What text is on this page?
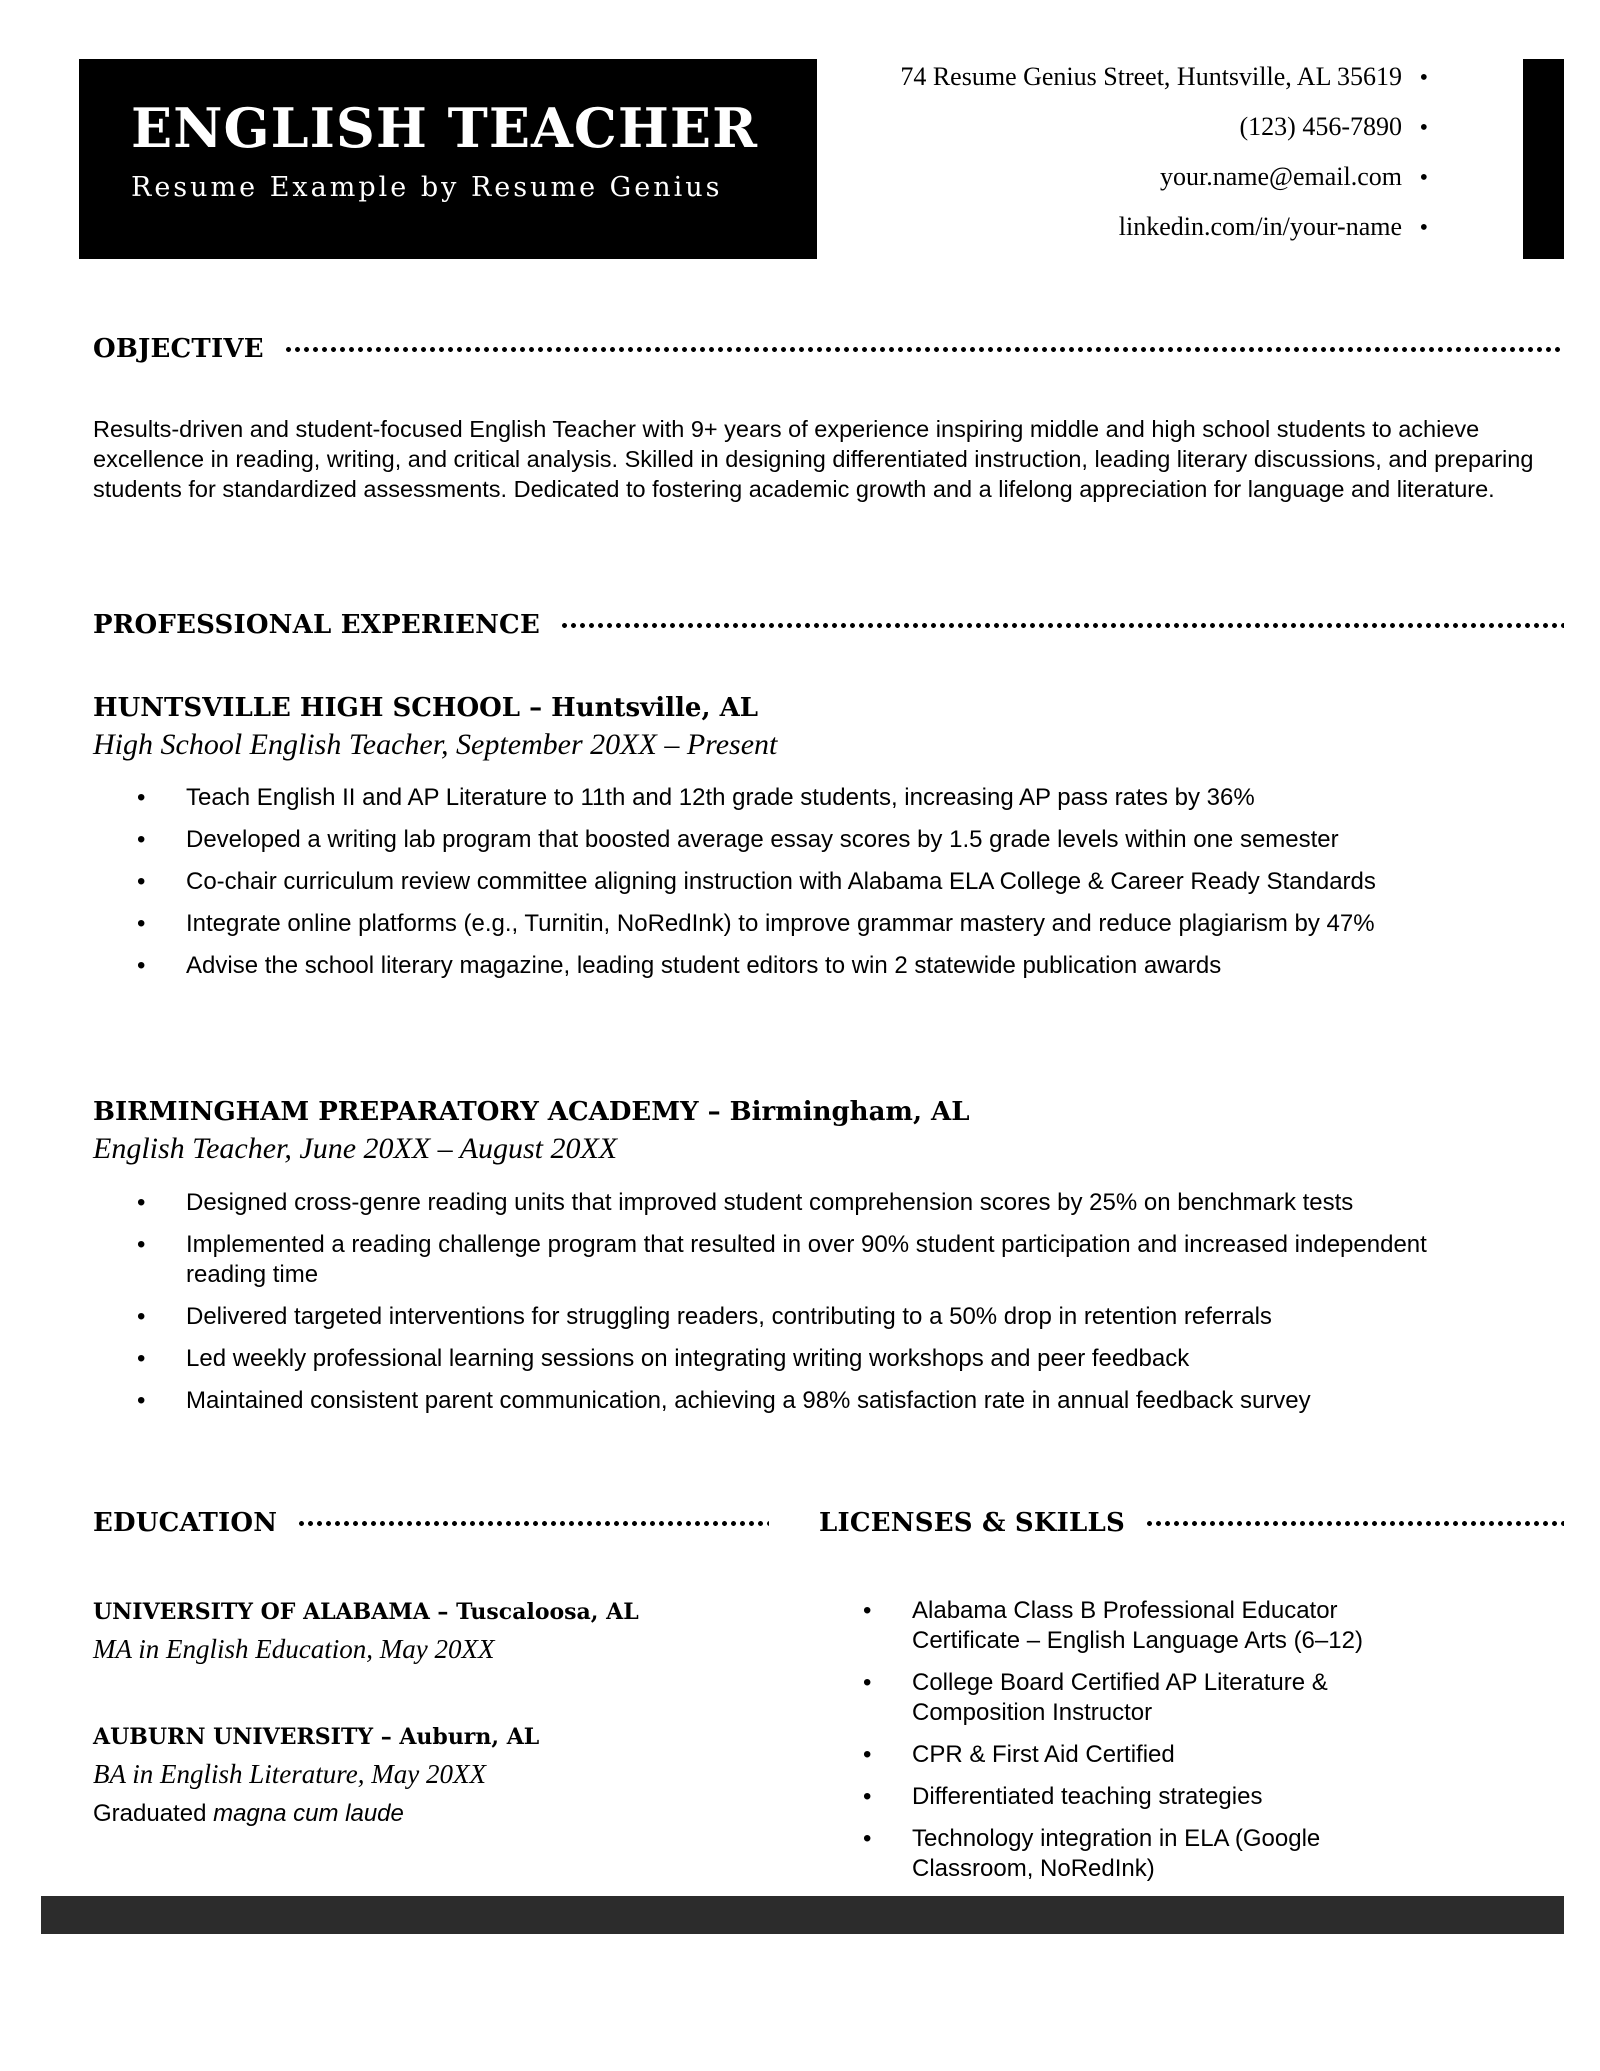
ENGLISH TEACHER

Resume Example by Resume Genius

74 Resume Genius Street, Huntsville, AL 35619 •
(123) 456-7890 •
your.name@email.com •
linkedin.com/in/your-name •
OBJECTIVE

Results-driven and student-focused English Teacher with 9+ years of experience inspiring middle and high school students to achieve excellence in reading, writing, and critical analysis. Skilled in designing differentiated instruction, leading literary discussions, and preparing students for standardized assessments. Dedicated to fostering academic growth and a lifelong appreciation for language and literature.

PROFESSIONAL EXPERIENCE

HUNTSVILLE HIGH SCHOOL – Huntsville, AL

High School English Teacher, September 20XX – Present

• Teach English II and AP Literature to 11th and 12th grade students, increasing AP pass rates by 36%
• Developed a writing lab program that boosted average essay scores by 1.5 grade levels within one semester
• Co-chair curriculum review committee aligning instruction with Alabama ELA College & Career Ready Standards
• Integrate online platforms (e.g., Turnitin, NoRedInk) to improve grammar mastery and reduce plagiarism by 47%
• Advise the school literary magazine, leading student editors to win 2 statewide publication awards

BIRMINGHAM PREPARATORY ACADEMY – Birmingham, AL

English Teacher, June 20XX – August 20XX

• Designed cross-genre reading units that improved student comprehension scores by 25% on benchmark tests
• Implemented a reading challenge program that resulted in over 90% student participation and increased independent reading time
• Delivered targeted interventions for struggling readers, contributing to a 50% drop in retention referrals
• Led weekly professional learning sessions on integrating writing workshops and peer feedback
• Maintained consistent parent communication, achieving a 98% satisfaction rate in annual feedback survey
EDUCATION

UNIVERSITY OF ALABAMA – Tuscaloosa, AL

MA in English Education, May 20XX

AUBURN UNIVERSITY – Auburn, AL

BA in English Literature, May 20XX

Graduated magna cum laude

LICENSES & SKILLS
• Alabama Class B Professional Educator Certificate – English Language Arts (6–12)
• College Board Certified AP Literature & Composition Instructor
• CPR & First Aid Certified
• Differentiated teaching strategies
• Technology integration in ELA (Google Classroom, NoRedInk)
